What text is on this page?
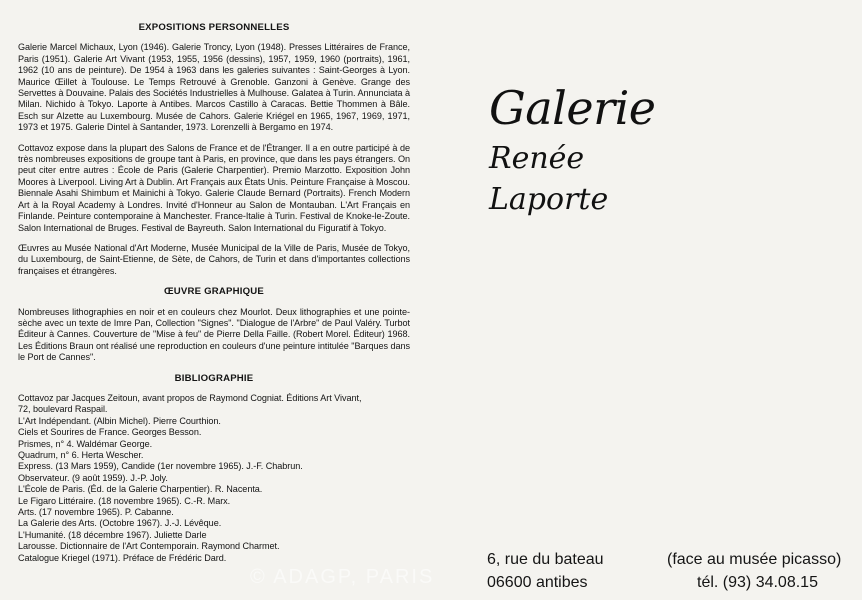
EXPOSITIONS PERSONNELLES

Galerie Marcel Michaux, Lyon (1946). Galerie Troncy, Lyon (1948). Presses Littéraires de France, Paris (1951). Galerie Art Vivant (1953, 1955, 1956 (dessins), 1957, 1959, 1960 (portraits), 1961, 1962 (10 ans de peinture). De 1954 à 1963 dans les galeries suivantes : Saint-Georges à Lyon. Maurice Œillet à Toulouse. Le Temps Retrouvé à Grenoble. Ganzoni à Genève. Grange des Servettes à Douvaine. Palais des Sociétés Industrielles à Mulhouse. Galatea à Turin. Annunciata à Milan. Nichido à Tokyo. Laporte à Antibes. Marcos Castillo à Caracas. Bettie Thommen à Bâle. Esch sur Alzette au Luxembourg. Musée de Cahors. Galerie Kriégel en 1965, 1967, 1969, 1971, 1973 et 1975. Galerie Dintel à Santander, 1973. Lorenzelli à Bergamo en 1974.

Cottavoz expose dans la plupart des Salons de France et de l'Étranger. Il a en outre participé à de très nombreuses expositions de groupe tant à Paris, en province, que dans les pays étrangers. On peut citer entre autres : École de Paris (Galerie Charpentier). Premio Marzotto. Exposition John Moores à Liverpool. Living Art à Dublin. Art Français aux États Unis. Peinture Française à Moscou. Biennale Asahi Shimbum et Mainichi à Tokyo. Galerie Claude Bernard (Portraits). French Modern Art à la Royal Academy à Londres. Invité d'Honneur au Salon de Montauban. L'Art Français en Finlande. Peinture contemporaine à Manchester. France-Italie à Turin. Festival de Knoke-le-Zoute. Salon International de Bruges. Festival de Bayreuth. Salon International du Figuratif à Tokyo.

Œuvres au Musée National d'Art Moderne, Musée Municipal de la Ville de Paris, Musée de Tokyo, du Luxembourg, de Saint-Etienne, de Sète, de Cahors, de Turin et dans d'importantes collections françaises et étrangères.

ŒUVRE GRAPHIQUE

Nombreuses lithographies en noir et en couleurs chez Mourlot. Deux lithographies et une pointe-sèche avec un texte de Imre Pan, Collection "Signes". "Dialogue de l'Arbre" de Paul Valéry. Turbot Éditeur à Cannes. Couverture de "Mise à feu" de Pierre Della Faille. (Robert Morel. Éditeur) 1968. Les Éditions Braun ont réalisé une reproduction en couleurs d'une peinture intitulée "Barques dans le Port de Cannes".

BIBLIOGRAPHIE
Cottavoz par Jacques Zeitoun, avant propos de Raymond Cogniat. Éditions Art Vivant,
72, boulevard Raspail.
L'Art Indépendant. (Albin Michel). Pierre Courthion.
Ciels et Sourires de France. Georges Besson.
Prismes, n° 4. Waldémar George.
Quadrum, n° 6. Herta Wescher.
Express. (13 Mars 1959), Candide (1er novembre 1965). J.-F. Chabrun.
Observateur. (9 août 1959). J.-P. Joly.
L'École de Paris. (Éd. de la Galerie Charpentier). R. Nacenta.
Le Figaro Littéraire. (18 novembre 1965). C.-R. Marx.
Arts. (17 novembre 1965). P. Cabanne.
La Galerie des Arts. (Octobre 1967). J.-J. Lévêque.
L'Humanité. (18 décembre 1967). Juliette Darle
Larousse. Dictionnaire de l'Art Contemporain. Raymond Charmet.
Catalogue Kriegel (1971). Préface de Frédéric Dard.
Galerie
Renée
Laporte
6, rue du bateau
06600 antibes
(face au musée picasso)
tél. (93) 34.08.15
© ADAGP, PARIS
